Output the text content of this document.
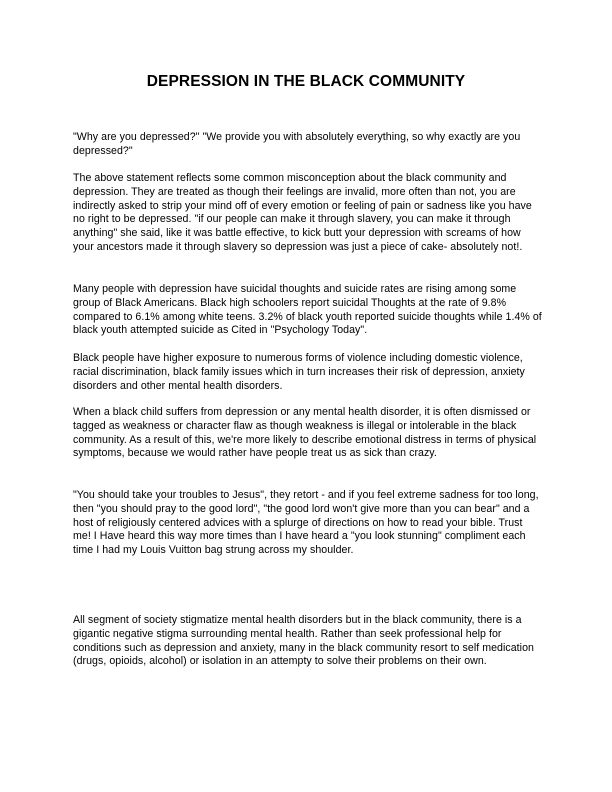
DEPRESSION IN THE BLACK COMMUNITY

"Why are you depressed?" "We provide you with absolutely everything, so why exactly are you depressed?"

The above statement reflects some common misconception about the black community and depression. They are treated as though their feelings are invalid, more often than not, you are indirectly asked to strip your mind off of every emotion or feeling of pain or sadness like you have no right to be depressed. "if our people can make it through slavery, you can make it through anything" she said, like it was battle effective, to kick butt your depression with screams of how your ancestors made it through slavery so depression was just a piece of cake- absolutely not!.

Many people with depression have suicidal thoughts and suicide rates are rising among some group of Black Americans. Black high schoolers report suicidal Thoughts at the rate of 9.8% compared to 6.1% among white teens. 3.2% of black youth reported suicide thoughts while 1.4% of black youth attempted suicide as Cited in "Psychology Today".

Black people have higher exposure to numerous forms of violence including domestic violence, racial discrimination, black family issues which in turn increases their risk of depression, anxiety disorders and other mental health disorders.

When a black child suffers from depression or any mental health disorder, it is often dismissed or tagged as weakness or character flaw as though weakness is illegal or intolerable in the black community. As a result of this, we're more likely to describe emotional distress in terms of physical symptoms, because we would rather have people treat us as sick than crazy.

"You should take your troubles to Jesus", they retort - and if you feel extreme sadness for too long, then "you should pray to the good lord", "the good lord won't give more than you can bear" and a host of religiously centered advices with a splurge of directions on how to read your bible. Trust me! I Have heard this way more times than I have heard a "you look stunning" compliment each time I had my Louis Vuitton bag strung across my shoulder.

All segment of society stigmatize mental health disorders but in the black community, there is a gigantic negative stigma surrounding mental health. Rather than seek professional help for conditions such as depression and anxiety, many in the black community resort to self medication (drugs, opioids, alcohol) or isolation in an attempty to solve their problems on their own.
